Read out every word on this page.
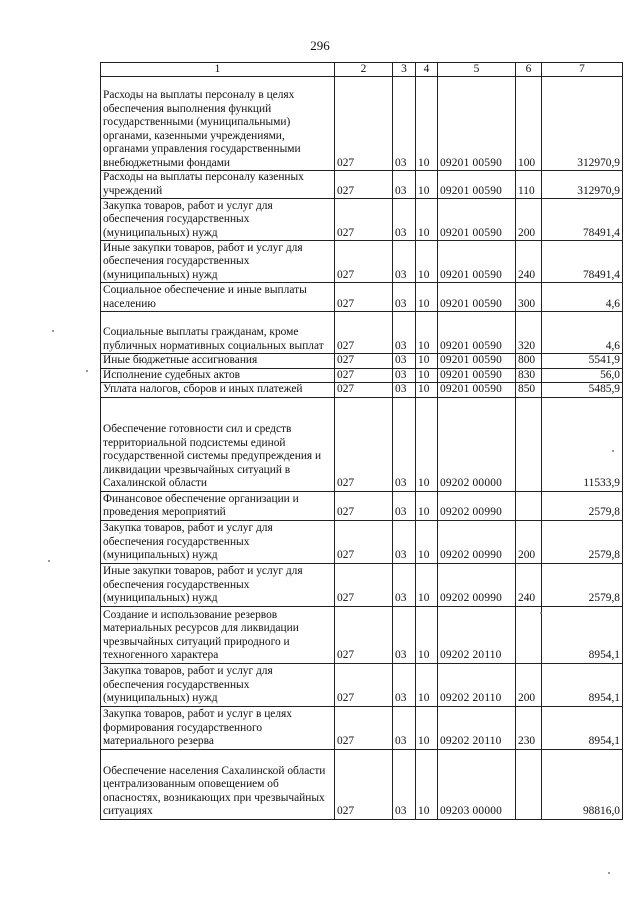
296
1	2	3	4	5	6	7
Расходы на выплаты персоналу в целях обеспечения выполнения функций государственными (муниципальными) органами, казенными учреждениями, органами управления государственными внебюджетными фондами	027	03	10	09201 00590	100	312970,9
Расходы на выплаты персоналу казенных учреждений	027	03	10	09201 00590	110	312970,9
Закупка товаров, работ и услуг для обеспечения государственных (муниципальных) нужд	027	03	10	09201 00590	200	78491,4
Иные закупки товаров, работ и услуг для обеспечения государственных (муниципальных) нужд	027	03	10	09201 00590	240	78491,4
Социальное обеспечение и иные выплаты населению	027	03	10	09201 00590	300	4,6
Социальные выплаты гражданам, кроме публичных нормативных социальных выплат	027	03	10	09201 00590	320	4,6
Иные бюджетные ассигнования	027	03	10	09201 00590	800	5541,9
Исполнение судебных актов	027	03	10	09201 00590	830	56,0
Уплата налогов, сборов и иных платежей	027	03	10	09201 00590	850	5485,9
Обеспечение готовности сил и средств территориальной подсистемы единой государственной системы предупреждения и ликвидации чрезвычайных ситуаций в Сахалинской области	027	03	10	09202 00000		11533,9
Финансовое обеспечение организации и проведения мероприятий	027	03	10	09202 00990		2579,8
Закупка товаров, работ и услуг для обеспечения государственных (муниципальных) нужд	027	03	10	09202 00990	200	2579,8
Иные закупки товаров, работ и услуг для обеспечения государственных (муниципальных) нужд	027	03	10	09202 00990	240	2579,8
Создание и использование резервов материальных ресурсов для ликвидации чрезвычайных ситуаций природного и техногенного характера	027	03	10	09202 20110		8954,1
Закупка товаров, работ и услуг для обеспечения государственных (муниципальных) нужд	027	03	10	09202 20110	200	8954,1
Закупка товаров, работ и услуг в целях формирования государственного материального резерва	027	03	10	09202 20110	230	8954,1
Обеспечение населения Сахалинской области централизованным оповещением об опасностях, возникающих при чрезвычайных ситуациях	027	03	10	09203 00000		98816,0
